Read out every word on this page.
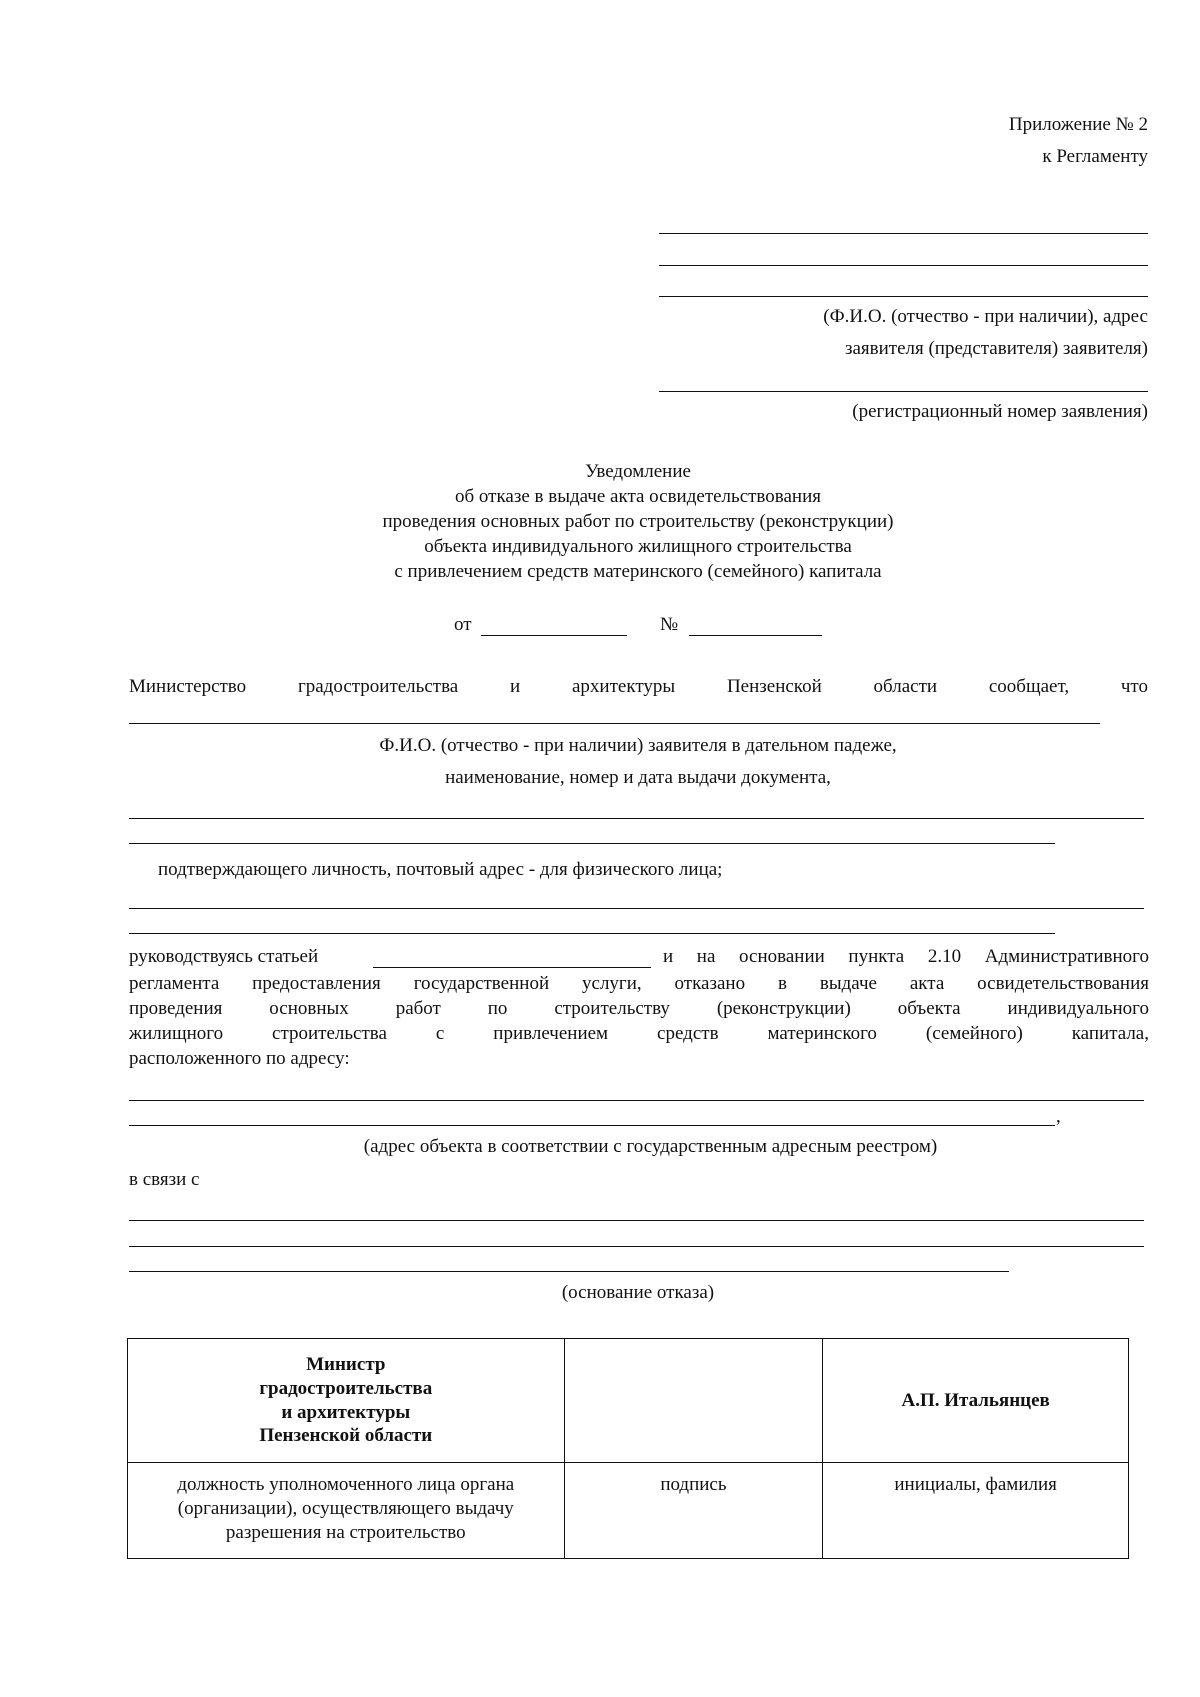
Приложение № 2
к Регламенту
(Ф.И.О. (отчество - при наличии), адрес
заявителя (представителя) заявителя)
(регистрационный номер заявления)
Уведомление
об отказе в выдаче акта освидетельствования
проведения основных работ по строительству (реконструкции)
объекта индивидуального жилищного строительства
с привлечением средств материнского (семейного) капитала
от	№
Министерство градостроительства и архитектуры Пензенской области сообщает, что
Ф.И.О. (отчество - при наличии) заявителя в дательном падеже,
наименование, номер и дата выдачи документа,
подтверждающего личность, почтовый адрес - для физического лица;
руководствуясь статьей	и на основании пункта 2.10 Административного
регламента предоставления государственной услуги, отказано в выдаче акта освидетельствования
проведения основных работ по строительству (реконструкции) объекта индивидуального
жилищного строительства с привлечением средств материнского (семейного) капитала,
расположенного по адресу:
,
(адрес объекта в соответствии с государственным адресным реестром)
в связи с
(основание отказа)
Министр
градостроительства
и архитектуры
Пензенской области		А.П. Итальянцев

должность уполномоченного лица органа
(организации), осуществляющего выдачу
разрешения на строительство	подпись	инициалы, фамилия
